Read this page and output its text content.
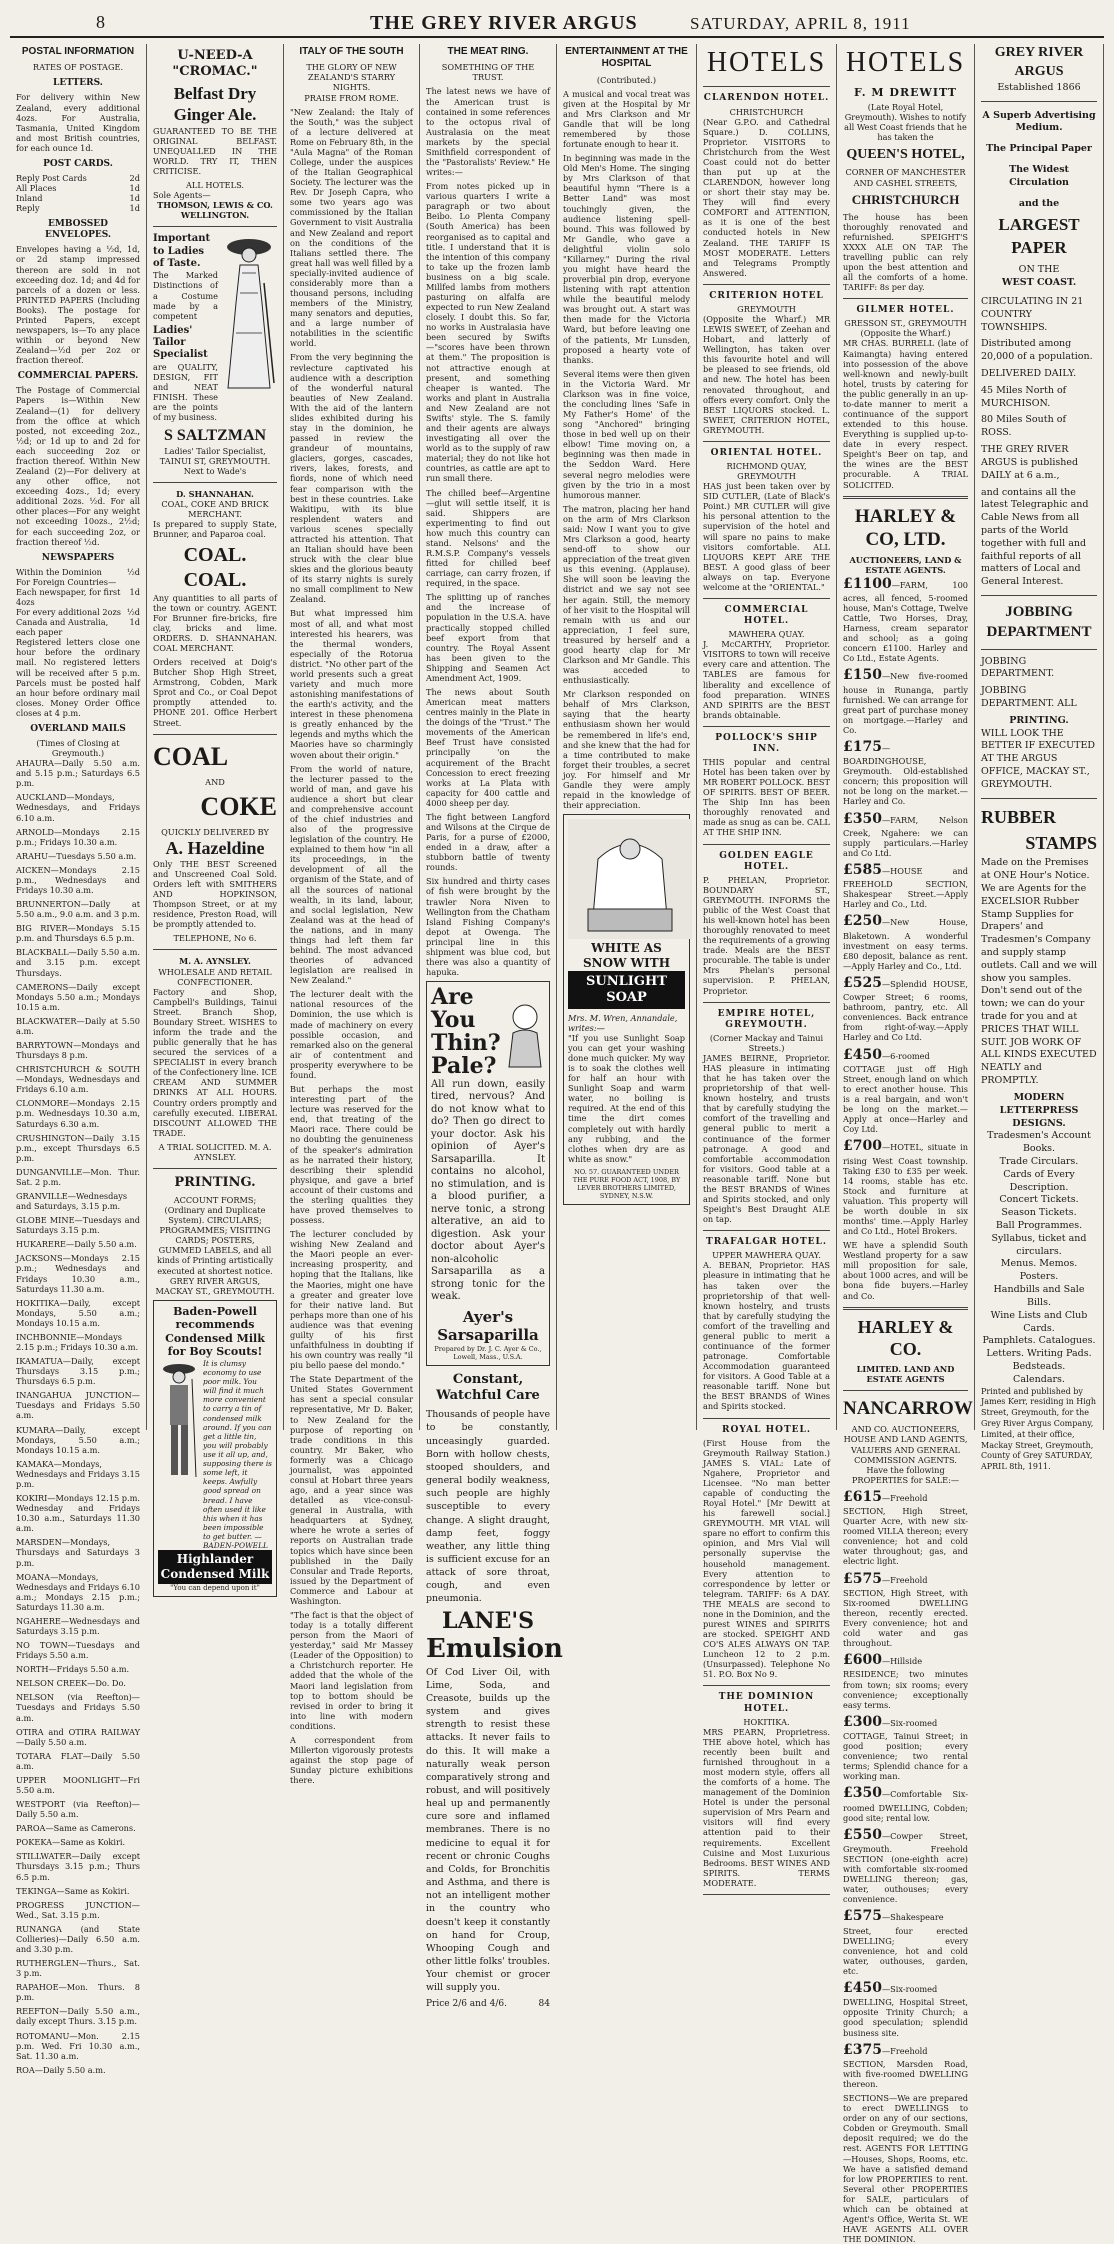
8	THE GREY RIVER ARGUS	SATURDAY, APRIL 8, 1911
POSTAL INFORMATION
RATES OF POSTAGE.
LETTERS.

For delivery within New Zealand, every additional 4ozs. For Australia, Tasmania, United Kingdom and most British countries, for each ounce 1d.

POST CARDS.
Reply Post Cards	2d
All Places	1d
Inland	1d
Reply	1d
EMBOSSED ENVELOPES.

Envelopes having a ½d, 1d, or 2d stamp impressed thereon are sold in not exceeding doz. 1d; and 4d for parcels of a dozen or less. PRINTED PAPERS (Including Books). The postage for Printed Papers, except newspapers, is—To any place within or beyond New Zealand—½d per 2oz or fraction thereof.

COMMERCIAL PAPERS.

The Postage of Commercial Papers is—Within New Zealand—(1) for delivery from the office at which posted, not exceeding 2oz., ½d; or 1d up to and 2d for each succeeding 2oz or fraction thereof. Within New Zealand (2)—For delivery at any other office, not exceeding 4ozs., 1d; every additional 2ozs. ½d. For all other places—For any weight not exceeding 10ozs., 2½d; for each succeeding 2oz, or fraction thereof ½d.

NEWSPAPERS
Within the Dominion	½d
For Foreign Countries—
Each newspaper, for first 4ozs
1d
For every additional 2ozs ½d
Canada and Australia, each paper
1d

Registered letters close one hour before the ordinary mail. No registered letters will be received after 5 p.m. Parcels must be posted half an hour before ordinary mail closes. Money Order Office closes at 4 p.m.

OVERLAND MAILS
(Times of Closing at Greymouth.)

AHAURA—Daily 5.50 a.m. and 5.15 p.m.; Saturdays 6.5 p.m.

AUCKLAND—Mondays, Wednesdays, and Fridays 6.10 a.m.

ARNOLD—Mondays 2.15 p.m.; Fridays 10.30 a.m.

ARAHU—Tuesdays 5.50 a.m.

AICKEN—Mondays 2.15 p.m., Wednesdays and Fridays 10.30 a.m.

BRUNNERTON—Daily at 5.50 a.m., 9.0 a.m. and 3 p.m.

BIG RIVER—Mondays 5.15 p.m. and Thursdays 6.5 p.m.

BLACKBALL—Daily 5.50 a.m. and 3.15 p.m. except Thursdays.

CAMERONS—Daily except Mondays 5.50 a.m.; Mondays 10.15 a.m.

BLACKWATER—Daily at 5.50 a.m.

BARRYTOWN—Mondays and Thursdays 8 p.m.

CHRISTCHURCH & SOUTH—Mondays, Wednesdays and Fridays 6.10 a.m.

CLONMORE—Mondays 2.15 p.m. Wednesdays 10.30 a.m, Saturdays 6.30 a.m.

CRUSHINGTON—Daily 3.15 p.m., except Thursdays 6.5 p.m.

DUNGANVILLE—Mon. Thur. Sat. 2 p.m.

GRANVILLE—Wednesdays and Saturdays, 3.15 p.m.

GLOBE MINE—Tuesdays and Saturdays 3.15 p.m.

HUKARERE—Daily 5.50 a.m.

JACKSONS—Mondays 2.15 p.m.; Wednesdays and Fridays 10.30 a.m., Saturdays 11.30 a.m.

HOKITIKA—Daily, except Mondays, 5.50 a.m.; Mondays 10.15 a.m.

INCHBONNIE—Mondays 2.15 p.m.; Fridays 10.30 a.m.

IKAMATUA—Daily, except Thursdays 3.15 p.m.; Thursdays 6.5 p.m.

INANGAHUA JUNCTION—Tuesdays and Fridays 5.50 a.m.

KUMARA—Daily, except Mondays, 5.50 a.m.; Mondays 10.15 a.m.

KAMAKA—Mondays, Wednesdays and Fridays 3.15 p.m.

KOKIRI—Mondays 12.15 p.m. Wednesday and Fridays 10.30 a.m., Saturdays 11.30 a.m.

MARSDEN—Mondays, Thursdays and Saturdays 3 p.m.

MOANA—Mondays, Wednesdays and Fridays 6.10 a.m.; Mondays 2.15 p.m.; Saturdays 11.30 a.m.

NGAHERE—Wednesdays and Saturdays 3.15 p.m.

NO TOWN—Tuesdays and Fridays 5.50 a.m.

NORTH—Fridays 5.50 a.m.

NELSON CREEK—Do. Do.

NELSON (via Reefton)—Tuesdays and Fridays 5.50 a.m.

OTIRA and OTIRA RAILWAY—Daily 5.50 a.m.

TOTARA FLAT—Daily 5.50 a.m.

UPPER MOONLIGHT—Fri 5.50 a.m.

WESTPORT (via Reefton)—Daily 5.50 a.m.

PAROA—Same as Camerons.

POKEKA—Same as Kokiri.

STILLWATER—Daily except Thursdays 3.15 p.m.; Thurs 6.5 p.m.

TEKINGA—Same as Kokiri.

PROGRESS JUNCTION—Wed., Sat. 3.15 p.m.

RUNANGA (and State Collieries)—Daily 6.50 a.m. and 3.30 p.m.

RUTHERGLEN—Thurs., Sat. 3 p.m.

RAPAHOE—Mon. Thurs. 8 p.m.

REEFTON—Daily 5.50 a.m., daily except Thurs. 3.15 p.m.

ROTOMANU—Mon. 2.15 p.m. Wed. Fri 10.30 a.m., Sat. 11.30 a.m.

ROA—Daily 5.50 a.m.

U-NEED-A "CROMAC."
Belfast Dry Ginger Ale.

GUARANTEED TO BE THE ORIGINAL BELFAST. UNEQUALLED IN THE WORLD. TRY IT, THEN CRITICISE.

ALL HOTELS.
Sole Agents—
THOMSON, LEWIS & CO. WELLINGTON.
Important to Ladies of Taste.

The Marked Distinctions of a Costume made by a competent

Ladies' Tailor Specialist

are QUALITY, DESIGN, FIT and NEAT FINISH. These are the points of my business.

S SALTZMAN

Ladies' Tailor Specialist, TAINUI ST, GREYMOUTH. Next to Wade's

D. SHANNAHAN.
COAL, COKE AND BRICK MERCHANT.

Is prepared to supply State, Brunner, and Paparoa coal.

COAL. COAL.

Any quantities to all parts of the town or country. AGENT. For Brunner fire-bricks, fire clay, bricks and lime. ORDERS. D. SHANNAHAN. COAL MERCHANT.

Orders received at Doig's Butcher Shop High Street, Armstrong, Cobden, Mark Sprot and Co., or Coal Depot promptly attended to. PHONE 201. Office Herbert Street.

COAL
AND
COKE
QUICKLY DELIVERED BY
A. Hazeldine

Only THE BEST Screened and Unscreened Coal Sold. Orders left with SMITHERS AND HOPKINSON, Thompson Street, or at my residence, Preston Road, will be promptly attended to.

TELEPHONE, No 6.
M. A. AYNSLEY.
WHOLESALE AND RETAIL CONFECTIONER.

Factory and Shop, Campbell's Buildings, Tainui Street. Branch Shop, Boundary Street. WISHES to inform the trade and the public generally that he has secured the services of a SPECIALIST in every branch of the Confectionery line. ICE CREAM AND SUMMER DRINKS AT ALL HOURS. Country orders promptly and carefully executed. LIBERAL DISCOUNT ALLOWED THE TRADE.

A TRIAL SOLICITED. M. A. AYNSLEY.
PRINTING.

ACCOUNT FORMS; (Ordinary and Duplicate System). CIRCULARS; PROGRAMMES; VISITING CARDS; POSTERS, GUMMED LABELS, and all kinds of Printing artistically executed at shortest notice. GREY RIVER ARGUS, MACKAY ST., GREYMOUTH.

Baden-Powell recommends Condensed Milk for Boy Scouts!
It is clumsy economy to use poor milk. You will find it much more convenient to carry a tin of condensed milk around. If you can get a little tin, you will probably use it all up, and, supposing there is some left, it keeps. Awfully good spread on bread. I have often used it like this when it has been impossible to get butter. — BADEN-POWELL
Highlander Condensed Milk
"You can depend upon it"
ITALY OF THE SOUTH
THE GLORY OF NEW ZEALAND'S STARRY NIGHTS.
PRAISE FROM ROME.

"New Zealand: the Italy of the South," was the subject of a lecture delivered at Rome on February 8th, in the "Aula Magna" of the Roman College, under the auspices of the Italian Geographical Society. The lecturer was the Rev. Dr Joseph Capra, who some two years ago was commissioned by the Italian Government to visit Australia and New Zealand and report on the conditions of the Italians settled there. The great hall was well filled by a specially-invited audience of considerably more than a thousand persons, including members of the Ministry, many senators and deputies, and a large number of notabilities in the scientific world.

From the very beginning the revlecture captivated his audience with a description of the wonderful natural beauties of New Zealand. With the aid of the lantern slides exhibited during his stay in the dominion, he passed in review the grandeur of mountains, glaciers, gorges, cascades, rivers, lakes, forests, and fiords, none of which need fear comparison with the best in these countries. Lake Wakitipu, with its blue resplendent waters and various scenes specially attracted his attention. That an Italian should have been struck with the clear blue skies and the glorious beauty of its starry nights is surely no small compliment to New Zealand.

But what impressed him most of all, and what most interested his hearers, was the thermal wonders, especially of the Rotorua district. "No other part of the world presents such a great variety and much more astonishing manifestations of the earth's activity, and the interest in these phenomena is greatly enhanced by the legends and myths which the Maories have so charmingly woven about their origin."

From the world of nature, the lecturer passed to the world of man, and gave his audience a short but clear and comprehensive account of the chief industries and also of the progressive legislation of the country. He explained to them how "in all its proceedings, in the development of all the organism of the State, and of all the sources of national wealth, in its land, labour, and social legislation, New Zealand was at the head of the nations, and in many things had left them far behind. The most advanced theories of advanced legislation are realised in New Zealand."

The lecturer dealt with the national resources of the Dominion, the use which is made of machinery on every possible occasion, and remarked also on the general air of contentment and prosperity everywhere to be found.

But perhaps the most interesting part of the lecture was reserved for the end, that treating of the Maori race. There could be no doubting the genuineness of the speaker's admiration as he narrated their history, describing their splendid physique, and gave a brief account of their customs and the sterling qualities they have proved themselves to possess.

The lecturer concluded by wishing New Zealand and the Maori people an ever-increasing prosperity, and hoping that the Italians, like the Maories, might one have a greater and greater love for their native land. But perhaps more than one of his audience was that evening guilty of his first unfaithfulness in doubting if his own country was really "il piu bello paese del mondo."

The State Department of the United States Government has sent a special consular representative, Mr D. Baker, to New Zealand for the purpose of reporting on trade conditions in this country. Mr Baker, who formerly was a Chicago journalist, was appointed consul at Hobart three years ago, and a year since was detailed as vice-consul-general in Australia, with headquarters at Sydney, where he wrote a series of reports on Australian trade topics which have since been published in the Daily Consular and Trade Reports, issued by the Department of Commerce and Labour at Washington.

"The fact is that the object of today is a totally different person from the Maori of yesterday," said Mr Massey (Leader of the Opposition) to a Christchurch reporter. He added that the whole of the Maori land legislation from top to bottom should be revised in order to bring it into line with modern conditions.

A correspondent from Millerton vigorously protests against the stop page of Sunday picture exhibitions there.

THE MEAT RING.
SOMETHING OF THE TRUST.

The latest news we have of the American trust is contained in some references to the octopus rival of Australasia on the meat markets by the special Smithfield correspondent of the "Pastoralists' Review." He writes:—

From notes picked up in various quarters I write a paragraph or two about Beibo. Lo Plenta Company (South America) has been reorganised as to capital and title. I understand that it is the intention of this company to take up the frozen lamb business on a big scale. Millfed lambs from mothers pasturing on alfalfa are expected to run New Zealand closely. I doubt this. So far, no works in Australasia have been secured by Swifts—"scores have been thrown at them." The proposition is not attractive enough at present, and something cheaper is wanted. The works and plant in Australia and New Zealand are not Swifts' style. The S. family and their agents are always investigating all over the world as to the supply of raw material; they do not like hot countries, as cattle are apt to run small there.

The chilled beef—Argentine—glut will settle itself, it is said. Shippers are experimenting to find out how much this country can stand. Nelsons' and the R.M.S.P. Company's vessels fitted for chilled beef carriage, can carry frozen, if required, in the space.

The splitting up of ranches and the increase of population in the U.S.A. have practically stopped chilled beef export from that country. The Royal Assent has been given to the Shipping and Seamen Act Amendment Act, 1909.

The news about South American meat matters centres mainly in the Plate in the doings of the "Trust." The movements of the American Beef Trust have consisted principally 'on the acquirement of the Bracht Concession to erect freezing works at La Plata with capacity for 400 cattle and 4000 sheep per day.

The fight between Langford and Wilsons at the Cirque de Paris, for a purse of £2000, ended in a draw, after a stubborn battle of twenty rounds.

Six hundred and thirty cases of fish were brought by the trawler Nora Niven to Wellington from the Chatham Island Fishing Company's depot at Owenga. The principal line in this shipment was blue cod, but there was also a quantity of hapuka.

Are You Thin? Pale?

All run down, easily tired, nervous? And do not know what to do? Then go direct to your doctor. Ask his opinion of Ayer's Sarsaparilla. It contains no alcohol, no stimulation, and is a blood purifier, a nerve tonic, a strong alterative, an aid to digestion. Ask your doctor about Ayer's non-alcoholic Sarsaparilla as a strong tonic for the weak.

Ayer's Sarsaparilla
Prepared by Dr. J. C. Ayer & Co., Lowell, Mass., U.S.A.
Constant, Watchful Care

Thousands of people have to be constantly, unceasingly guarded. Born with hollow chests, stooped shoulders, and general bodily weakness, such people are highly susceptible to every change. A slight draught, damp feet, foggy weather, any little thing is sufficient excuse for an attack of sore throat, cough, and even pneumonia.

LANE'S
Emulsion

Of Cod Liver Oil, with Lime, Soda, and Creasote, builds up the system and gives strength to resist these attacks. It never fails to do this. It will make a naturally weak person comparatively strong and robust, and will positively heal up and permanently cure sore and inflamed membranes. There is no medicine to equal it for recent or chronic Coughs and Colds, for Bronchitis and Asthma, and there is not an intelligent mother in the country who doesn't keep it constantly on hand for Croup, Whooping Cough and other little folks' troubles. Your chemist or grocer will supply you.

Price 2/6 and 4/6.	84
ENTERTAINMENT AT THE HOSPITAL
(Contributed.)

A musical and vocal treat was given at the Hospital by Mr and Mrs Clarkson and Mr Gandle that will be long remembered by those fortunate enough to hear it.

In beginning was made in the Old Men's Home. The singing by Mrs Clarkson of that beautiful hymn "There is a Better Land" was most touchingly given, the audience listening spell-bound. This was followed by Mr Gandle, who gave a delightful violin solo "Killarney." During the rival you might have heard the proverbial pin drop, everyone listening with rapt attention while the beautiful melody was brought out. A start was then made for the Victoria Ward, but before leaving one of the patients, Mr Lunsden, proposed a hearty vote of thanks.

Several items were then given in the Victoria Ward. Mr Clarkson was in fine voice, the concluding lines 'Safe in My Father's Home' of the song "Anchored" bringing those in bed well up on their elbow! Time moving on, a beginning was then made in the Seddon Ward. Here several negro melodies were given by the trio in a most humorous manner.

The matron, placing her hand on the arm of Mrs Clarkson said: Now I want you to give Mrs Clarkson a good, hearty send-off to show our appreciation of the treat given us this evening. (Applause). She will soon be leaving the district and we say not see her again. Still, the memory of her visit to the Hospital will remain with us and our appreciation, I feel sure, treasured by herself and a good hearty clap for Mr Clarkson and Mr Gandle. This was acceded to enthusiastically.

Mr Clarkson responded on behalf of Mrs Clarkson, saying that the hearty enthusiasm shown her would be remembered in life's end, and she knew that the had for a time contributed to make forget their troubles, a secret joy. For himself and Mr Gandle they were amply repaid in the knowledge of their appreciation.

WHITE AS SNOW WITH
SUNLIGHT SOAP
Mrs. M. Wren, Annandale, writes:—

"If you use Sunlight Soap you can get your washing done much quicker. My way is to soak the clothes well for half an hour with Sunlight Soap and warm water, no boiling is required. At the end of this time the dirt comes completely out with hardly any rubbing, and the clothes when dry are as white as snow."

NO. 57. GUARANTEED UNDER THE PURE FOOD ACT, 1908, BY LEVER BROTHERS LIMITED, SYDNEY, N.S.W.
HOTELS
CLARENDON HOTEL.
CHRISTCHURCH

(Near G.P.O. and Cathedral Square.) D. COLLINS, Proprietor. VISITORS to Christchurch from the West Coast could not do better than put up at the CLARENDON, however long or short their stay may be. They will find every COMFORT and ATTENTION, as it is one of the best conducted hotels in New Zealand. THE TARIFF IS MOST MODERATE. Letters and Telegrams Promptly Answered.

CRITERION HOTEL
GREYMOUTH

(Opposite the Wharf.) MR LEWIS SWEET, of Zeehan and Hobart, and latterly of Wellington, has taken over this favourite hotel and will be pleased to see friends, old and new. The hotel has been renovated throughout, and offers every comfort. Only the BEST LIQUORS stocked. L. SWEET, CRITERION HOTEL, GREYMOUTH.

ORIENTAL HOTEL.
RICHMOND QUAY, GREYMOUTH

HAS just been taken over by SID CUTLER, (Late of Black's Point.) MR CUTLER will give his personal attention to the supervision of the hotel and will spare no pains to make visitors comfortable. ALL LIQUORS KEPT ARE THE BEST. A good glass of beer always on tap. Everyone welcome at the "ORIENTAL."

COMMERCIAL HOTEL.
MAWHERA QUAY.

J. McCARTHY, Proprietor. VISITORS to town will receive every care and attention. The TABLES are famous for liberality and excellence of food preparation. WINES AND SPIRITS are the BEST brands obtainable.

POLLOCK'S SHIP INN.

THIS popular and central Hotel has been taken over by MR ROBERT POLLOCK. BEST OF SPIRITS. BEST OF BEER. The Ship Inn has been thoroughly renovated and made as snug as can be. CALL AT THE SHIP INN.

GOLDEN EAGLE HOTEL.

P. PHELAN, Proprietor. BOUNDARY ST., GREYMOUTH. INFORMS the public of the West Coast that his well-known hotel has been thoroughly renovated to meet the requirements of a growing trade. Meals are the BEST procurable. The table is under Mrs Phelan's personal supervision. P. PHELAN, Proprietor.

EMPIRE HOTEL, GREYMOUTH.
(Corner Mackay and Tainui Streets.)

JAMES BEIRNE, Proprietor. HAS pleasure in intimating that he has taken over the proprietorship of that well-known hostelry, and trusts that by carefully studying the comfort of the travelling and general public to merit a continuance of the former patronage. A good and comfortable accommodation for visitors. Good table at a reasonable tariff. None but the BEST BRANDS of Wines and Spirits stocked, and only Speight's Best Draught ALE on tap.

TRAFALGAR HOTEL.
UPPER MAWHERA QUAY.

A. BEBAN, Proprietor. HAS pleasure in intimating that he has taken over the proprietorship of that well-known hostelry, and trusts that by carefully studying the comfort of the travelling and general public to merit a continuance of the former patronage. Comfortable Accommodation guaranteed for visitors. A Good Table at a reasonable tariff. None but the BEST BRANDS of Wines and Spirits stocked.

ROYAL HOTEL.

(First House from the Greymouth Railway Station.) JAMES S. VIAL: Late of Ngahere, Proprietor and Licensee. "No man better capable of conducting the Royal Hotel." [Mr Dewitt at his farewell social.] GREYMOUTH. MR VIAL will spare no effort to confirm this opinion, and Mrs Vial will personally supervise the household management. Every attention to correspondence by letter or telegram. TARIFF: 6s A DAY. THE MEALS are second to none in the Dominion, and the purest WINES and SPIRITS are stocked. SPEIGHT AND CO'S ALES ALWAYS ON TAP. Luncheon 12 to 2 p.m. (Unsurpassed). Telephone No 51. P.O. Box No 9.

THE DOMINION HOTEL.
HOKITIKA.

MRS PEARN, Proprietress. THE above hotel, which has recently been built and furnished throughout in a most modern style, offers all the comforts of a home. The management of the Dominion Hotel is under the personal supervision of Mrs Pearn and visitors will find every attention paid to their requirements. Excellent Cuisine and Most Luxurious Bedrooms. BEST WINES AND SPIRITS. TERMS MODERATE.

HOTELS
F. M DREWITT

(Late Royal Hotel, Greymouth). Wishes to notify all West Coast friends that he has taken the

QUEEN'S HOTEL,
CORNER OF MANCHESTER AND CASHEL STREETS,
CHRISTCHURCH

The house has been thoroughly renovated and refurnished. SPEIGHT'S XXXX ALE ON TAP. The travelling public can rely upon the best attention and all the comforts of a home. TARIFF: 8s per day.

GILMER HOTEL.
GRESSON ST., GREYMOUTH (Opposite the Wharf.)

MR CHAS. BURRELL (late of Kaimangta) having entered into possession of the above well-known and newly-built hotel, trusts by catering for the public generally in an up-to-date manner to merit a continuance of the support extended to this house. Everything is supplied up-to-date in every respect. Speight's Beer on tap, and the wines are the BEST procurable. A TRIAL SOLICITED.

HARLEY & CO, LTD.
AUCTIONEERS, LAND & ESTATE AGENTS.

£1100—FARM, 100 acres, all fenced, 5-roomed house, Man's Cottage, Twelve Cattle, Two Horses, Dray, Harness, cream separator and school; as a going concern £1100. Harley and Co Ltd., Estate Agents.

£150—New five-roomed house in Runanga, partly furnished. We can arrange for great part of purchase money on mortgage.—Harley and Co.

£175—BOARDINGHOUSE, Greymouth. Old-established concern; this proposition will not be long on the market.—Harley and Co.

£350—FARM, Nelson Creek, Ngahere: we can supply particulars.—Harley and Co Ltd.

£585—HOUSE and FREEHOLD SECTION, Shakespear Street.—Apply Harley and Co., Ltd.

£250—New House, Blaketown. A wonderful investment on easy terms. £80 deposit, balance as rent.—Apply Harley and Co., Ltd.

£525—Splendid HOUSE, Cowper Street; 6 rooms, bathroom, pantry, etc. All conveniences. Back entrance from right-of-way.—Apply Harley and Co Ltd.

£450—6-roomed COTTAGE just off High Street, enough land on which to erect another house. This is a real bargain, and won't be long on the market.—Apply at once—Harley and Coy Ltd.

£700—HOTEL, situate in rising West Coast township. Taking £30 to £35 per week. 14 rooms, stable has etc. Stock and furniture at valuation. This property will be worth double in six months' time.—Apply Harley and Co Ltd., Hotel Brokers.

WE have a splendid South Westland property for a saw mill proposition for sale, about 1000 acres, and will be bona fide buyers.—Harley and Co.

HARLEY & CO.
LIMITED. LAND AND ESTATE AGENTS
NANCARROW

AND CO. AUCTIONEERS, HOUSE AND LAND AGENTS, VALUERS AND GENERAL COMMISSION AGENTS. Have the following PROPERTIES for SALE:—

£615—Freehold SECTION, High Street, Quarter Acre, with new six-roomed VILLA thereon; every convenience; hot and cold water throughout; gas, and electric light.

£575—Freehold SECTION, High Street, with Six-roomed DWELLING thereon, recently erected. Every convenience; hot and cold water and gas throughout.

£600—Hillside RESIDENCE; two minutes from town; six rooms; every convenience; exceptionally easy terms.

£300—Six-roomed COTTAGE, Tainui Street; in good position; every convenience; two rental terms; Splendid chance for a working man.

£350—Comfortable Six-roomed DWELLING, Cobden; good site; rental low.

£550—Cowper Street, Greymouth. Freehold SECTION (one-eighth acre) with comfortable six-roomed DWELLING thereon; gas, water, outhouses; every convenience.

£575—Shakespeare Street, four erected DWELLING; every convenience, hot and cold water, outhouses, garden, etc.

£450—Six-roomed DWELLING, Hospital Street, opposite Trinity Church; a good speculation; splendid business site.

£375—Freehold SECTION, Marsden Road, with five-roomed DWELLING thereon.

SECTIONS—We are prepared to erect DWELLINGS to order on any of our sections, Cobden or Greymouth. Small deposit required; we do the rest. AGENTS FOR LETTING—Houses, Shops, Rooms, etc. We have a satisfied demand for low PROPERTIES to rent. Several other PROPERTIES for SALE, particulars of which can be obtained at Agent's Office, Werita St. WE HAVE AGENTS ALL OVER THE DOMINION.

GREY RIVER ARGUS
Established 1866
A Superb Advertising Medium.
The Principal Paper
The Widest Circulation
and the
LARGEST PAPER
ON THE
WEST COAST.

CIRCULATING IN 21 COUNTRY TOWNSHIPS.

Distributed among 20,000 of a population.

DELIVERED DAILY.

45 Miles North of MURCHISON.

80 Miles South of ROSS.

THE GREY RIVER ARGUS is published DAILY at 6 a.m.,

and contains all the latest Telegraphic and Cable News from all parts of the World together with full and faithful reports of all matters of Local and General Interest.

JOBBING DEPARTMENT

JOBBING DEPARTMENT.

JOBBING DEPARTMENT. ALL

PRINTING.

WILL LOOK THE BETTER IF EXECUTED AT THE ARGUS OFFICE, MACKAY ST., GREYMOUTH.

RUBBER
STAMPS

Made on the Premises at ONE Hour's Notice. We are Agents for the EXCELSIOR Rubber Stamp Supplies for Drapers' and Tradesmen's Company and supply stamp outlets. Call and we will show you samples. Don't send out of the town; we can do your trade for you and at PRICES THAT WILL SUIT. JOB WORK OF ALL KINDS EXECUTED NEATLY and PROMPTLY.

MODERN LETTERPRESS
DESIGNS.
Tradesmen's Account Books.
Trade Circulars.
Cards of Every Description.
Concert Tickets.
Season Tickets.
Ball Programmes.
Syllabus, ticket and circulars.
Menus. Memos. Posters.
Handbills and Sale Bills.
Wine Lists and Club Cards.
Pamphlets. Catalogues. Letters. Writing Pads. Bedsteads.
Calendars.

Printed and published by James Kerr, residing in High Street, Greymouth, for the Grey River Argus Company, Limited, at their office, Mackay Street, Greymouth, County of Grey SATURDAY, APRIL 8th, 1911.
